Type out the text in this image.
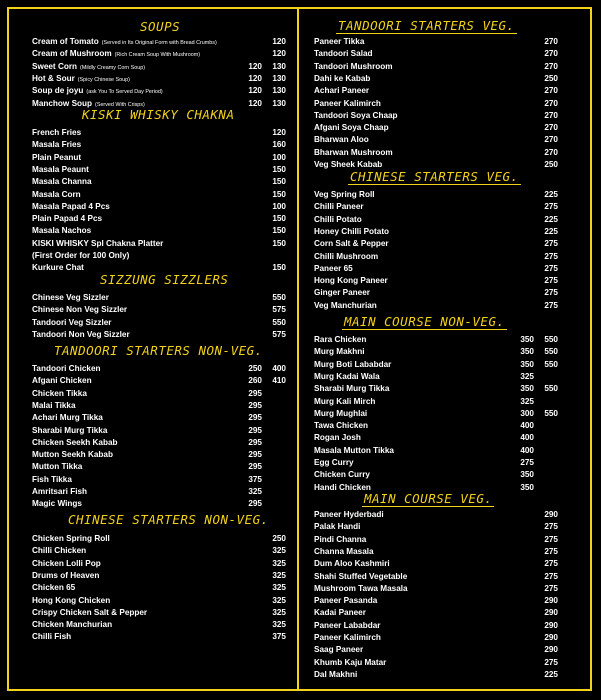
SOUPS
Cream of Tomato (Served in Its Original Form with Bread Crumbs)	120
Cream of Mushroom (Rich Cream Soup With Mushroom)	120
Sweet Corn (Mildly Creamy Corn Soup)	120	130
Hot & Sour (Spicy Chinese Soup)	120	130
Soup de joyu (ask You To Served Day Period)	120	130
Manchow Soup (Served With Crisps)	120	130
KISKI WHISKY CHAKNA
French Fries	120
Masala Fries	160
Plain Peanut	100
Masala Peaunt	150
Masala Channa	150
Masala Corn	150
Masala Papad 4 Pcs	100
Plain Papad 4 Pcs	150
Masala Nachos	150
KISKI WHISKY Spl Chakna Platter	150
(First Order for 100 Only)
Kurkure Chat	150
SIZZUNG SIZZLERS
Chinese Veg Sizzler	550
Chinese Non Veg Sizzler	575
Tandoori Veg Sizzler	550
Tandoori Non Veg Sizzler	575
TANDOORI STARTERS NON-VEG.
Tandoori Chicken	250	400
Afgani Chicken	260	410
Chicken Tikka	295
Malai Tikka	295
Achari Murg Tikka	295
Sharabi Murg Tikka	295
Chicken Seekh Kabab	295
Mutton Seekh Kabab	295
Mutton Tikka	295
Fish Tikka	375
Amritsari Fish	325
Magic Wings	295
CHINESE STARTERS NON-VEG.
Chicken Spring Roll	250
Chilli Chicken	325
Chicken Lolli Pop	325
Drums of Heaven	325
Chicken 65	325
Hong Kong Chicken	325
Crispy Chicken Salt & Pepper	325
Chicken Manchurian	325
Chilli Fish	375
TANDOORI STARTERS VEG.
Paneer Tikka	270
Tandoori Salad	270
Tandoori Mushroom	270
Dahi ke Kabab	250
Achari Paneer	270
Paneer Kalimirch	270
Tandoori Soya Chaap	270
Afgani Soya Chaap	270
Bharwan Aloo	270
Bharwan Mushroom	270
Veg Sheek Kabab	250
CHINESE STARTERS VEG.
Veg Spring Roll	225
Chilli Paneer	275
Chilli Potato	225
Honey Chilli Potato	225
Corn Salt & Pepper	275
Chilli Mushroom	275
Paneer 65	275
Hong Kong Paneer	275
Ginger Paneer	275
Veg Manchurian	275
MAIN COURSE NON-VEG.
Rara Chicken	350	550
Murg Makhni	350	550
Murg Boti Lababdar	350	550
Murg Kadai Wala	325
Sharabi Murg Tikka	350	550
Murg Kali Mirch	325
Murg Mughlai	300	550
Tawa Chicken	400
Rogan Josh	400
Masala Mutton Tikka	400
Egg Curry	275
Chicken Curry	350
Handi Chicken	350
MAIN COURSE VEG.
Paneer Hyderbadi	290
Palak Handi	275
Pindi Channa	275
Channa Masala	275
Dum Aloo Kashmiri	275
Shahi Stuffed Vegetable	275
Mushroom Tawa Masala	275
Paneer Pasanda	290
Kadai Paneer	290
Paneer Lababdar	290
Paneer Kalimirch	290
Saag Paneer	290
Khumb Kaju Matar	275
Dal Makhni	225
